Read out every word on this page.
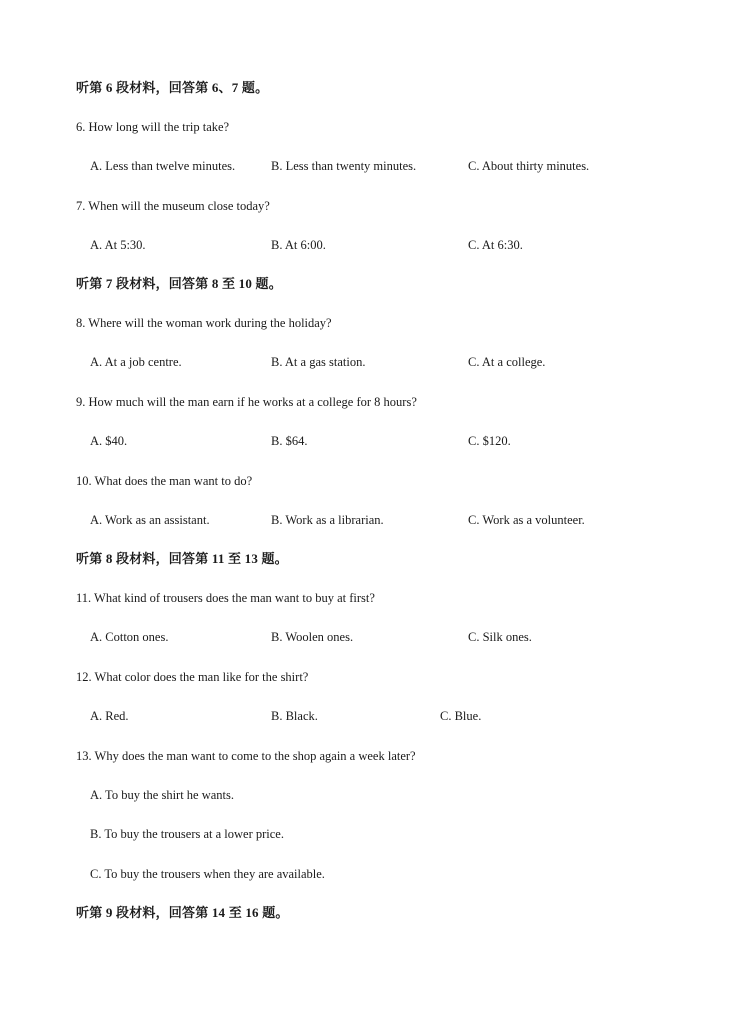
听第 6 段材料，回答第 6、7 题。
6. How long will the trip take?
A. Less than twelve minutes.	B. Less than twenty minutes.	C. About thirty minutes.
7. When will the museum close today?
A. At 5:30.	B. At 6:00.	C. At 6:30.
听第 7 段材料，回答第 8 至 10 题。
8. Where will the woman work during the holiday?
A. At a job centre.	B. At a gas station.	C. At a college.
9. How much will the man earn if he works at a college for 8 hours?
A. $40.	B. $64.	C. $120.
10. What does the man want to do?
A. Work as an assistant.	B. Work as a librarian.	C. Work as a volunteer.
听第 8 段材料，回答第 11 至 13 题。
11. What kind of trousers does the man want to buy at first?
A. Cotton ones.	B. Woolen ones.	C. Silk ones.
12. What color does the man like for the shirt?
A. Red.	B. Black.	C. Blue.
13. Why does the man want to come to the shop again a week later?
A. To buy the shirt he wants.
B. To buy the trousers at a lower price.
C. To buy the trousers when they are available.
听第 9 段材料，回答第 14 至 16 题。
